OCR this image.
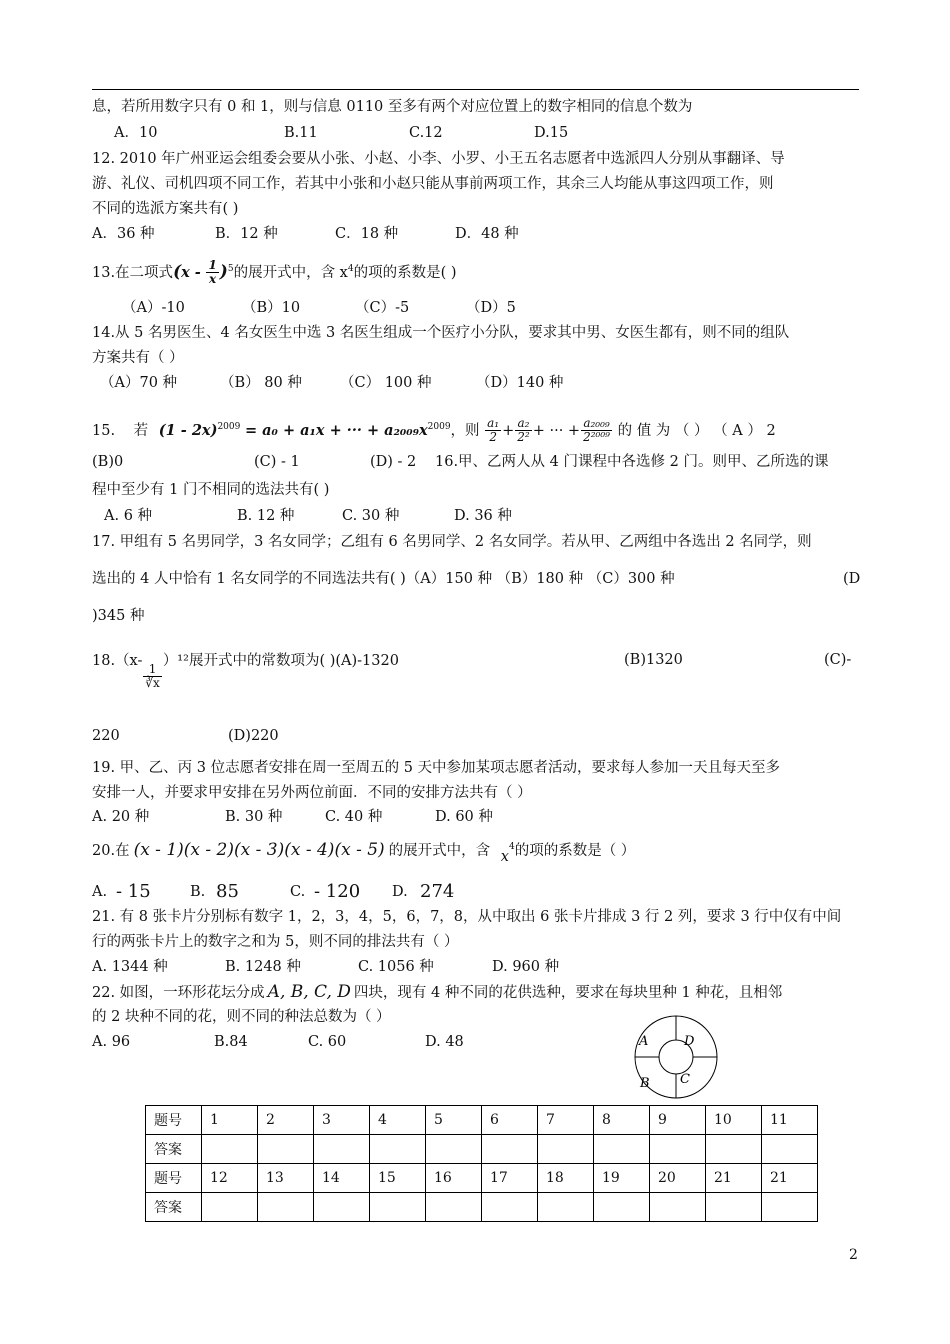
息，若所用数字只有 0 和 1，则与信息 0110 至多有两个对应位置上的数字相同的信息个数为
A．10	B.11	C.12	D.15
12. 2010 年广州亚运会组委会要从小张、小赵、小李、小罗、小王五名志愿者中选派四人分别从事翻译、导
游、礼仪、司机四项不同工作，若其中小张和小赵只能从事前两项工作，其余三人均能从事这四项工作，则
不同的选派方案共有( )
A．36 种	B．12 种	C．18 种	D．48 种
13.在二项式$(x - \frac{1}{x} )^5$的展开式中，含 $x^4$的项的系数是( )
（A）-10	（B）10	（C）-5	（D）5
14.从 5 名男医生、4 名女医生中选 3 名医生组成一个医疗小分队，要求其中男、女医生都有，则不同的组队
方案共有（ ）
（A）70 种	（B） 80 种	（C） 100 种	（D）140 种
15. 若 (1 - 2x)$^{2009}$ = a₀ + a₁x + ··· + $a_{2009}x^{2009}$，则 $\frac{\text{a₁}}{2} + \frac{\text{a₂}}{\text{2²}}$ + ··· + $\frac{\text{a₂₀₀₉}}{\text{2²⁰⁰⁹}}$ 的 值 为 （ ） （ A ） 2
(B)0	(C) - 1	(D) - 2 16.甲、乙两人从 4 门课程中各选修 2 门。则甲、乙所选的课
程中至少有 1 门不相同的选法共有( )
A. 6 种	B. 12 种	C. 30 种	D. 36 种
17. 甲组有 5 名男同学，3 名女同学；乙组有 6 名男同学、2 名女同学。若从甲、乙两组中各选出 2 名同学，则
选出的 4 人中恰有 1 名女同学的不同选法共有( )（A）150 种 （B）180 种 （C）300 种	(D
)345 种
18.（x-
$\frac{1}{∛x}$
）¹²展开式中的常数项为( )(A)-1320	(B)1320	(C)-
220	(D)220
19. 甲、乙、丙 3 位志愿者安排在周一至周五的 5 天中参加某项志愿者活动，要求每人参加一天且每天至多
安排一人，并要求甲安排在另外两位前面．不同的安排方法共有（ ）
A. 20 种	B. 30 种	C. 40 种	D. 60 种
20.在 (x - 1)(x - 2)(x - 3)(x - 4)(x - 5) 的展开式中，含 $x^4$的项的系数是（ ）
A. - 15	B. 85	C. - 120 D. 274
21. 有 8 张卡片分别标有数字 1，2，3，4，5，6，7，8，从中取出 6 张卡片排成 3 行 2 列，要求 3 行中仅有中间
行的两张卡片上的数字之和为 5，则不同的排法共有（ ）
A. 1344 种	B. 1248 种	C. 1056 种	D. 960 种
22. 如图，一环形花坛分成 A, B, C, D 四块，现有 4 种不同的花供选种，要求在每块里种 1 种花，且相邻
的 2 块种不同的花，则不同的种法总数为（ ）
A. 96	B.84	C. 60	D. 48	A	D
B C
题号	1	2	3	4	5	6	7	8	9	10	11
答案											
题号	12	13	14	15	16	17	18	19	20	21	21
答案											
2
